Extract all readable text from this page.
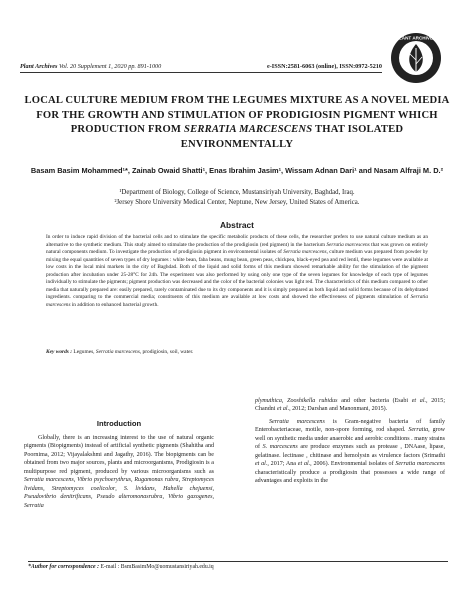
Plant Archives Vol. 20 Supplement 1, 2020 pp. 891-1000	e-ISSN:2581-6063 (online), ISSN:0972-5210
PLANT ARCHIVES
LOCAL CULTURE MEDIUM FROM THE LEGUMES MIXTURE AS A NOVEL MEDIA FOR THE GROWTH AND STIMULATION OF PRODIGIOSIN PIGMENT WHICH PRODUCTION FROM SERRATIA MARCESCENS THAT ISOLATED ENVIRONMENTALLY
Basam Basim Mohammed¹*, Zainab Owaid Shatti¹, Enas Ibrahim Jasim¹, Wissam Adnan Dari¹ and Nasam Alfraji M. D.²
¹Department of Biology, College of Science, Mustansiriyah University, Baghdad, Iraq.
²Jersey Shore University Medical Center, Neptune, New Jersey, United States of America.
Abstract
In order to induce rapid division of the bacterial cells and to stimulate the specific metabolic products of these cells, the researcher prefers to use natural culture medium as an alternative to the synthetic medium. This study aimed to stimulate the production of the prodigiosin (red pigment) in the bacterium Serratia marcescens that was grown on entirely natural components medium. To investigate the production of prodigiosin pigment in environmental isolates of Serratia marcescens, culture medium was prepared from powder by mixing the equal quantities of seven types of dry legumes : white bean, faba beans, mung bean, green peas, chickpea, black-eyed pea and red lentil, these legumes were available at low costs in the local mini markets in the city of Baghdad. Both of the liquid and solid forms of this medium showed remarkable ability for the stimulation of the pigment production after incubation under 25-28°C for 24h. The experiment was also performed by using only one type of the seven legumes for knowledge of each type of legumes individually to stimulate the pigments; pigment production was decreased and the color of the bacterial colonies was light red. The characteristics of this medium compared to other media that naturally prepared are: easily prepared, rarely contaminated due to its dry components and it is simply prepared as both liquid and solid forms because of its dehydrated ingredients. comparing to the commercial media; constituents of this medium are available at low costs and showed the effectiveness of pigments stimulation of Serratia marcescens in addition to enhanced bacterial growth.
Key words : Legumes, Serratia marcescens, prodigiosin, soil, water.
Introduction

Globally, there is an increasing interest to the use of natural organic pigments (Biopigments) instead of artificial synthetic pigments (Shahitha and Poornima, 2012; Vijayalakshmi and Jagathy, 2016). The biopigments can be obtained from two major sources, plants and microorganisms, Prodigiosin is a multipurpose red pigment, produced by various microorganisms such as Serratia marcescens, Vibrio psychoerythrus, Rugamonas rubra, Streptomyces lividans, Streptomyces coelicolor, S. lividans, Hahella chejuensi, Pseudovibrio denitrificans, Pseudo alteromonasrubra, Vibrio gazogenes, Serratia

plymuthica, Zooshikella rubidus and other bacteria (Esabi et al., 2015; Chandni et al., 2012; Darshan and Manonmani, 2015).

Serratia marcescens is Gram-negative bacteria of family Enterobacteriaceae, motile, non-spore forming, rod shaped. Serratia, grow well on synthetic media under anaerobic and aerobic conditions . many strains of S. marcescens are produce enzymes such as protease , DNAase, lipase, gelatinase. lectinase , chitinase and hemolysin as virulence factors (Srimathi et al., 2017; Ana et al., 2006). Environmental isolates of Serratia marcescens characteristically produce a prodigiosin that possesses a wide range of advantages and exploits in the

*Author for correspondence : E-mail : BsmBasimMo@uomustansiriyah.edu.iq
